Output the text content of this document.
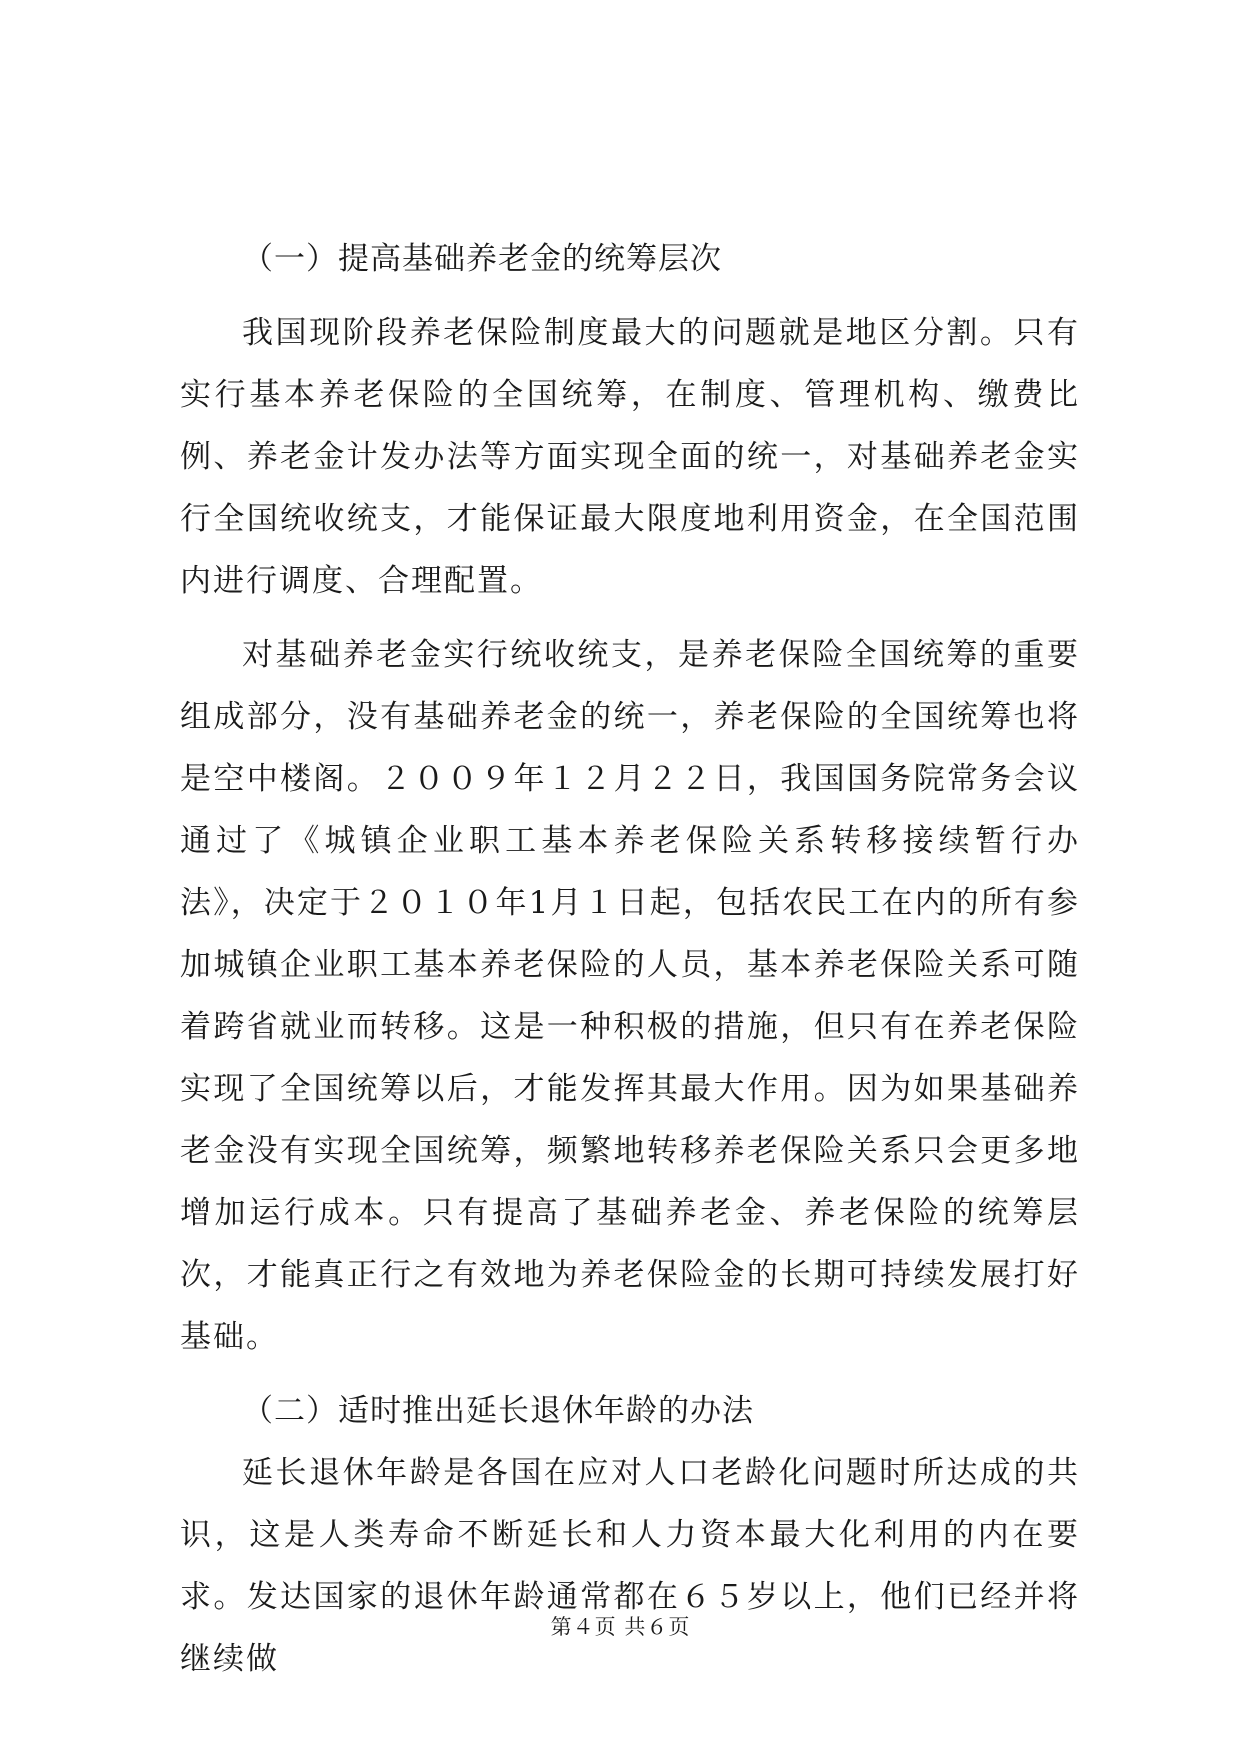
（一）提高基础养老金的统筹层次

我国现阶段养老保险制度最大的问题就是地区分割。只有实行基本养老保险的全国统筹，在制度、管理机构、缴费比例、养老金计发办法等方面实现全面的统一，对基础养老金实行全国统收统支，才能保证最大限度地利用资金，在全国范围内进行调度、合理配置。

对基础养老金实行统收统支，是养老保险全国统筹的重要组成部分，没有基础养老金的统一，养老保险的全国统筹也将是空中楼阁。２００９年１２月２２日，我国国务院常务会议通过了《城镇企业职工基本养老保险关系转移接续暂行办法》，决定于２０１０年1月１日起，包括农民工在内的所有参加城镇企业职工基本养老保险的人员，基本养老保险关系可随着跨省就业而转移。这是一种积极的措施，但只有在养老保险实现了全国统筹以后，才能发挥其最大作用。因为如果基础养老金没有实现全国统筹，频繁地转移养老保险关系只会更多地增加运行成本。只有提高了基础养老金、养老保险的统筹层次，才能真正行之有效地为养老保险金的长期可持续发展打好基础。

（二）适时推出延长退休年龄的办法

延长退休年龄是各国在应对人口老龄化问题时所达成的共识，这是人类寿命不断延长和人力资本最大化利用的内在要求。发达国家的退休年龄通常都在６５岁以上，他们已经并将继续做

第４页 共６页
